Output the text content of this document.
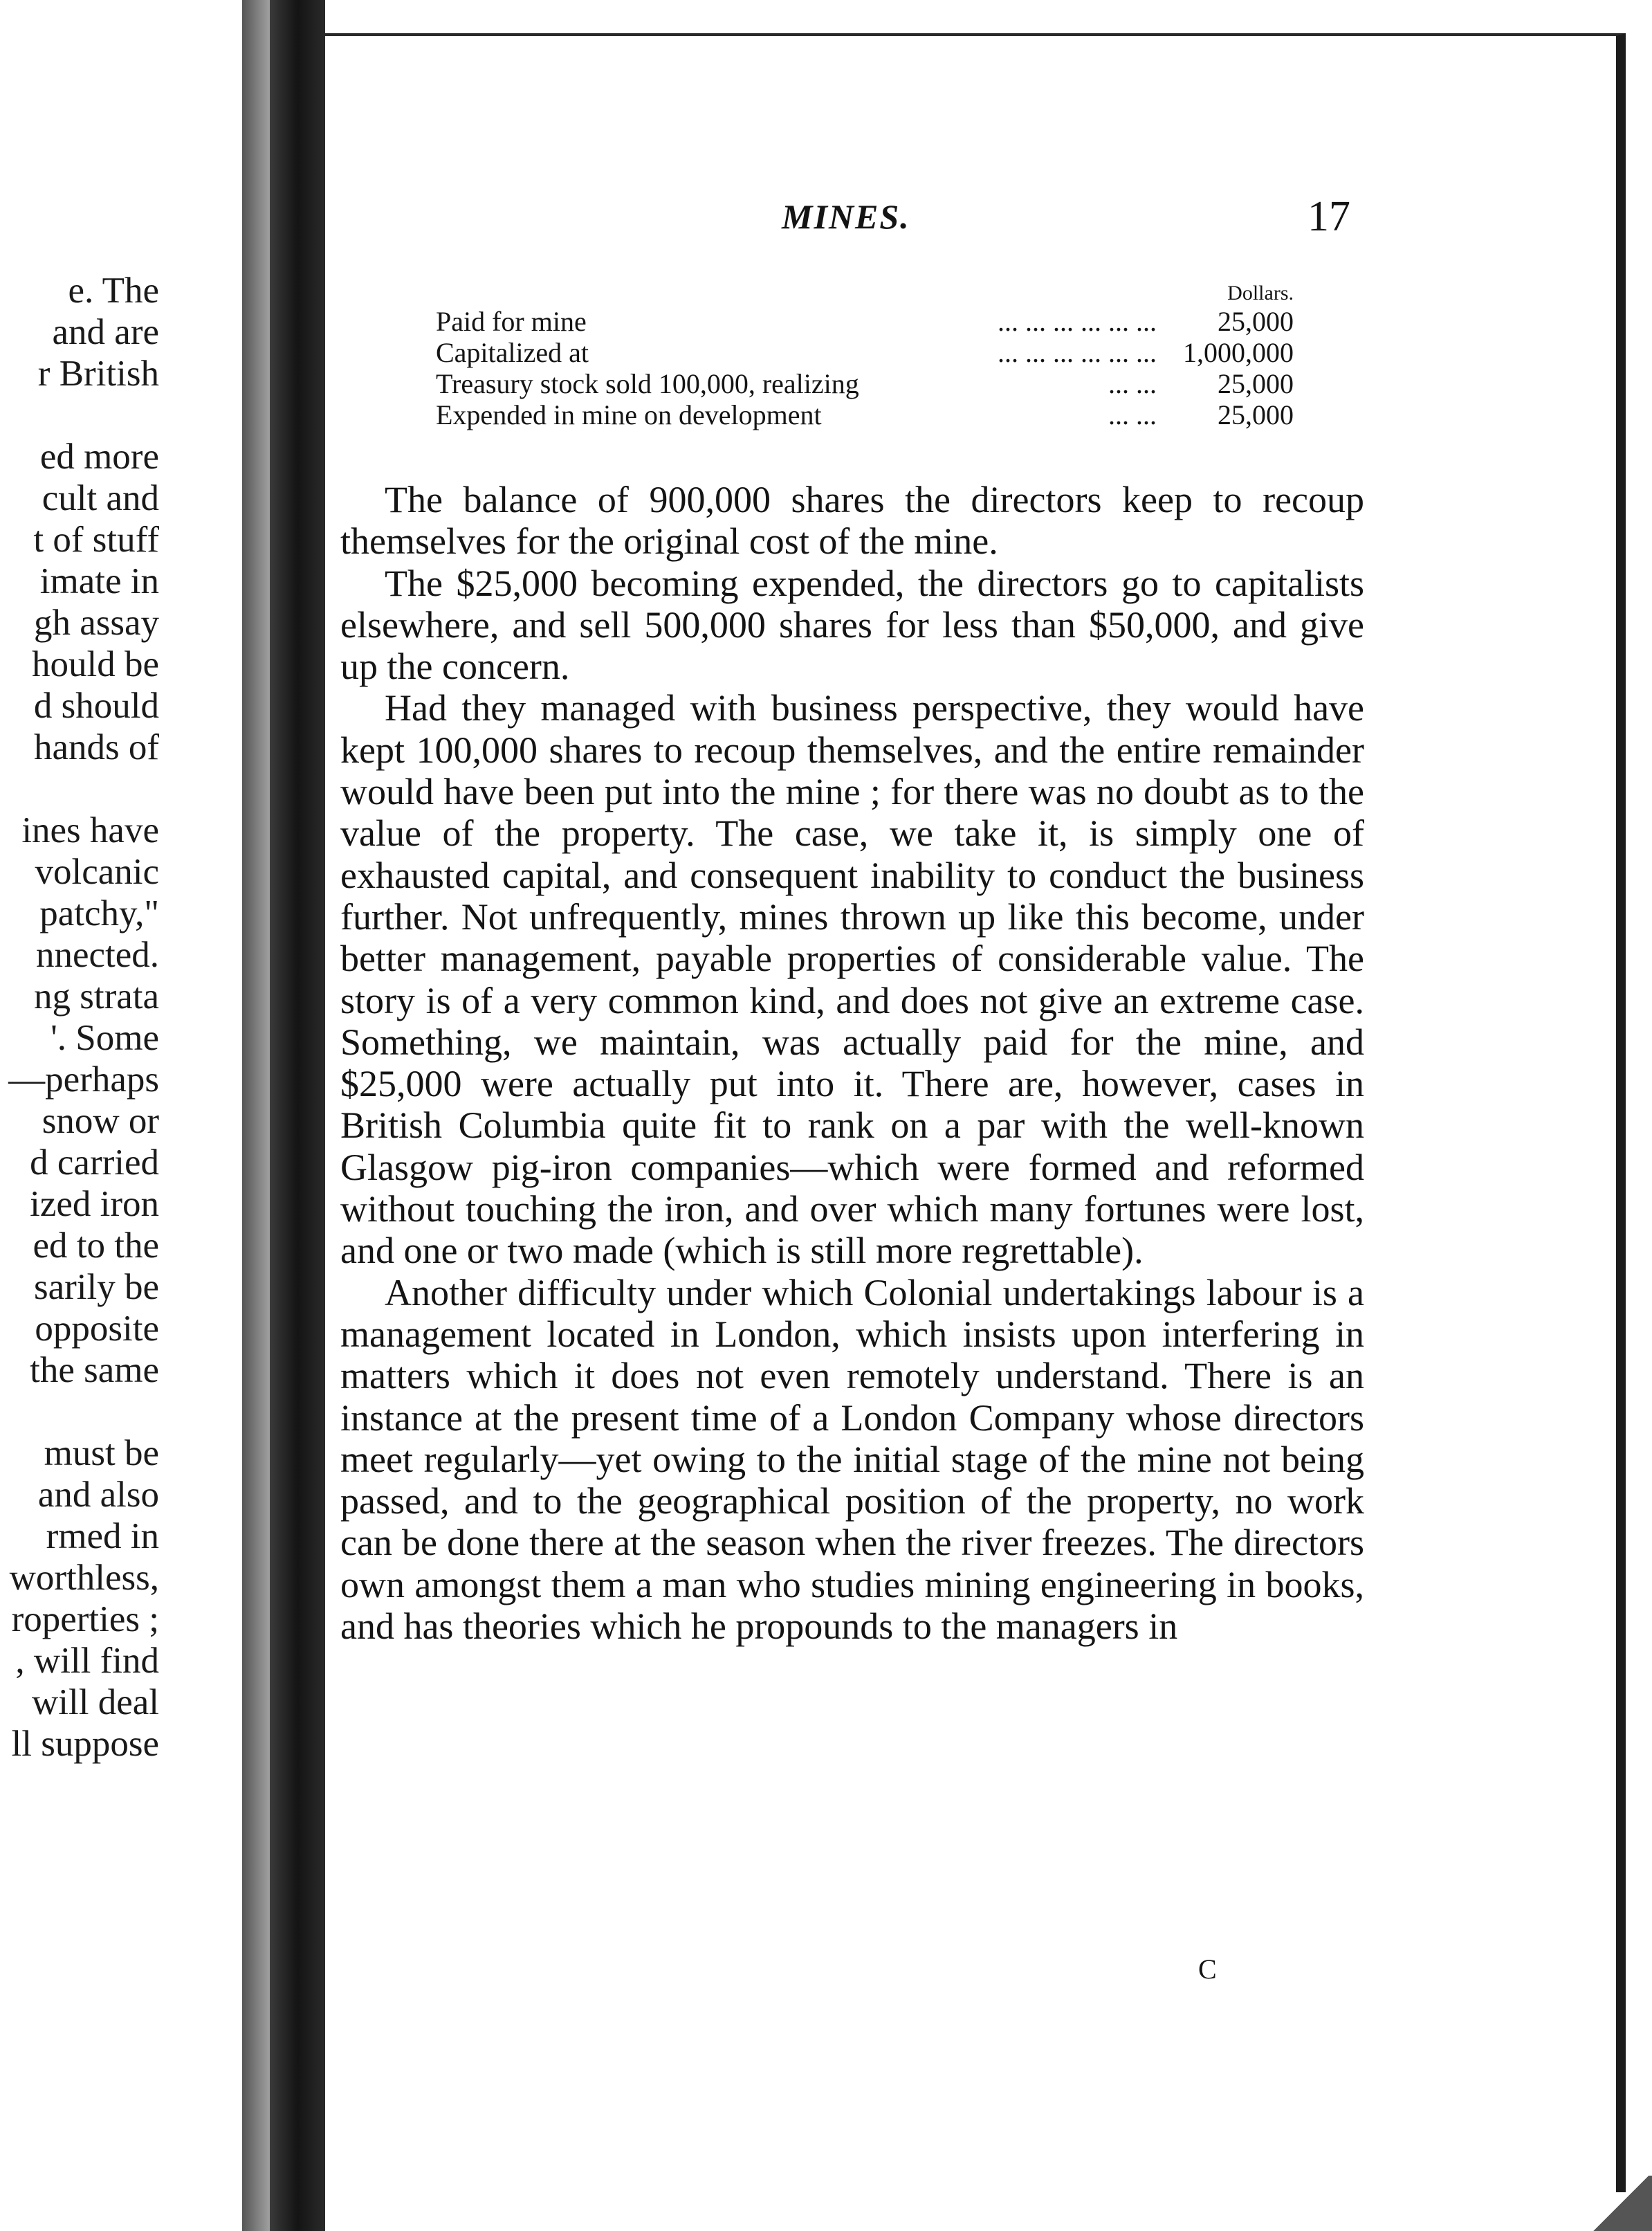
e. The
and are
r British
ed more
cult and
t of stuff
imate in
gh assay
hould be
d should
hands of
ines have
volcanic
patchy,"
nnected.
ng strata
'. Some
—perhaps
snow or
d carried
ized iron
ed to the
sarily be
opposite
the same
must be
and also
rmed in
worthless,
roperties ;
, will find
will deal
ll suppose
MINES.	17
		Dollars.
Paid for mine	... ... ... ... ... ...	25,000
Capitalized at	... ... ... ... ... ...	1,000,000
Treasury stock sold 100,000, realizing	... ...	25,000
Expended in mine on development	... ...	25,000

The balance of 900,000 shares the directors keep to recoup themselves for the original cost of the mine.

The $25,000 becoming expended, the directors go to capitalists elsewhere, and sell 500,000 shares for less than $50,000, and give up the concern.

Had they managed with business perspective, they would have kept 100,000 shares to recoup themselves, and the entire remainder would have been put into the mine ; for there was no doubt as to the value of the property. The case, we take it, is simply one of exhausted capital, and consequent inability to conduct the business further. Not unfrequently, mines thrown up like this become, under better management, payable properties of considerable value. The story is of a very common kind, and does not give an extreme case. Something, we maintain, was actually paid for the mine, and $25,000 were actually put into it. There are, however, cases in British Columbia quite fit to rank on a par with the well-known Glasgow pig-iron companies—which were formed and reformed without touching the iron, and over which many fortunes were lost, and one or two made (which is still more regrettable).

Another difficulty under which Colonial undertakings labour is a management located in London, which insists upon interfering in matters which it does not even remotely understand. There is an instance at the present time of a London Company whose directors meet regularly—yet owing to the initial stage of the mine not being passed, and to the geographical position of the property, no work can be done there at the season when the river freezes. The directors own amongst them a man who studies mining engineering in books, and has theories which he propounds to the managers in

C
